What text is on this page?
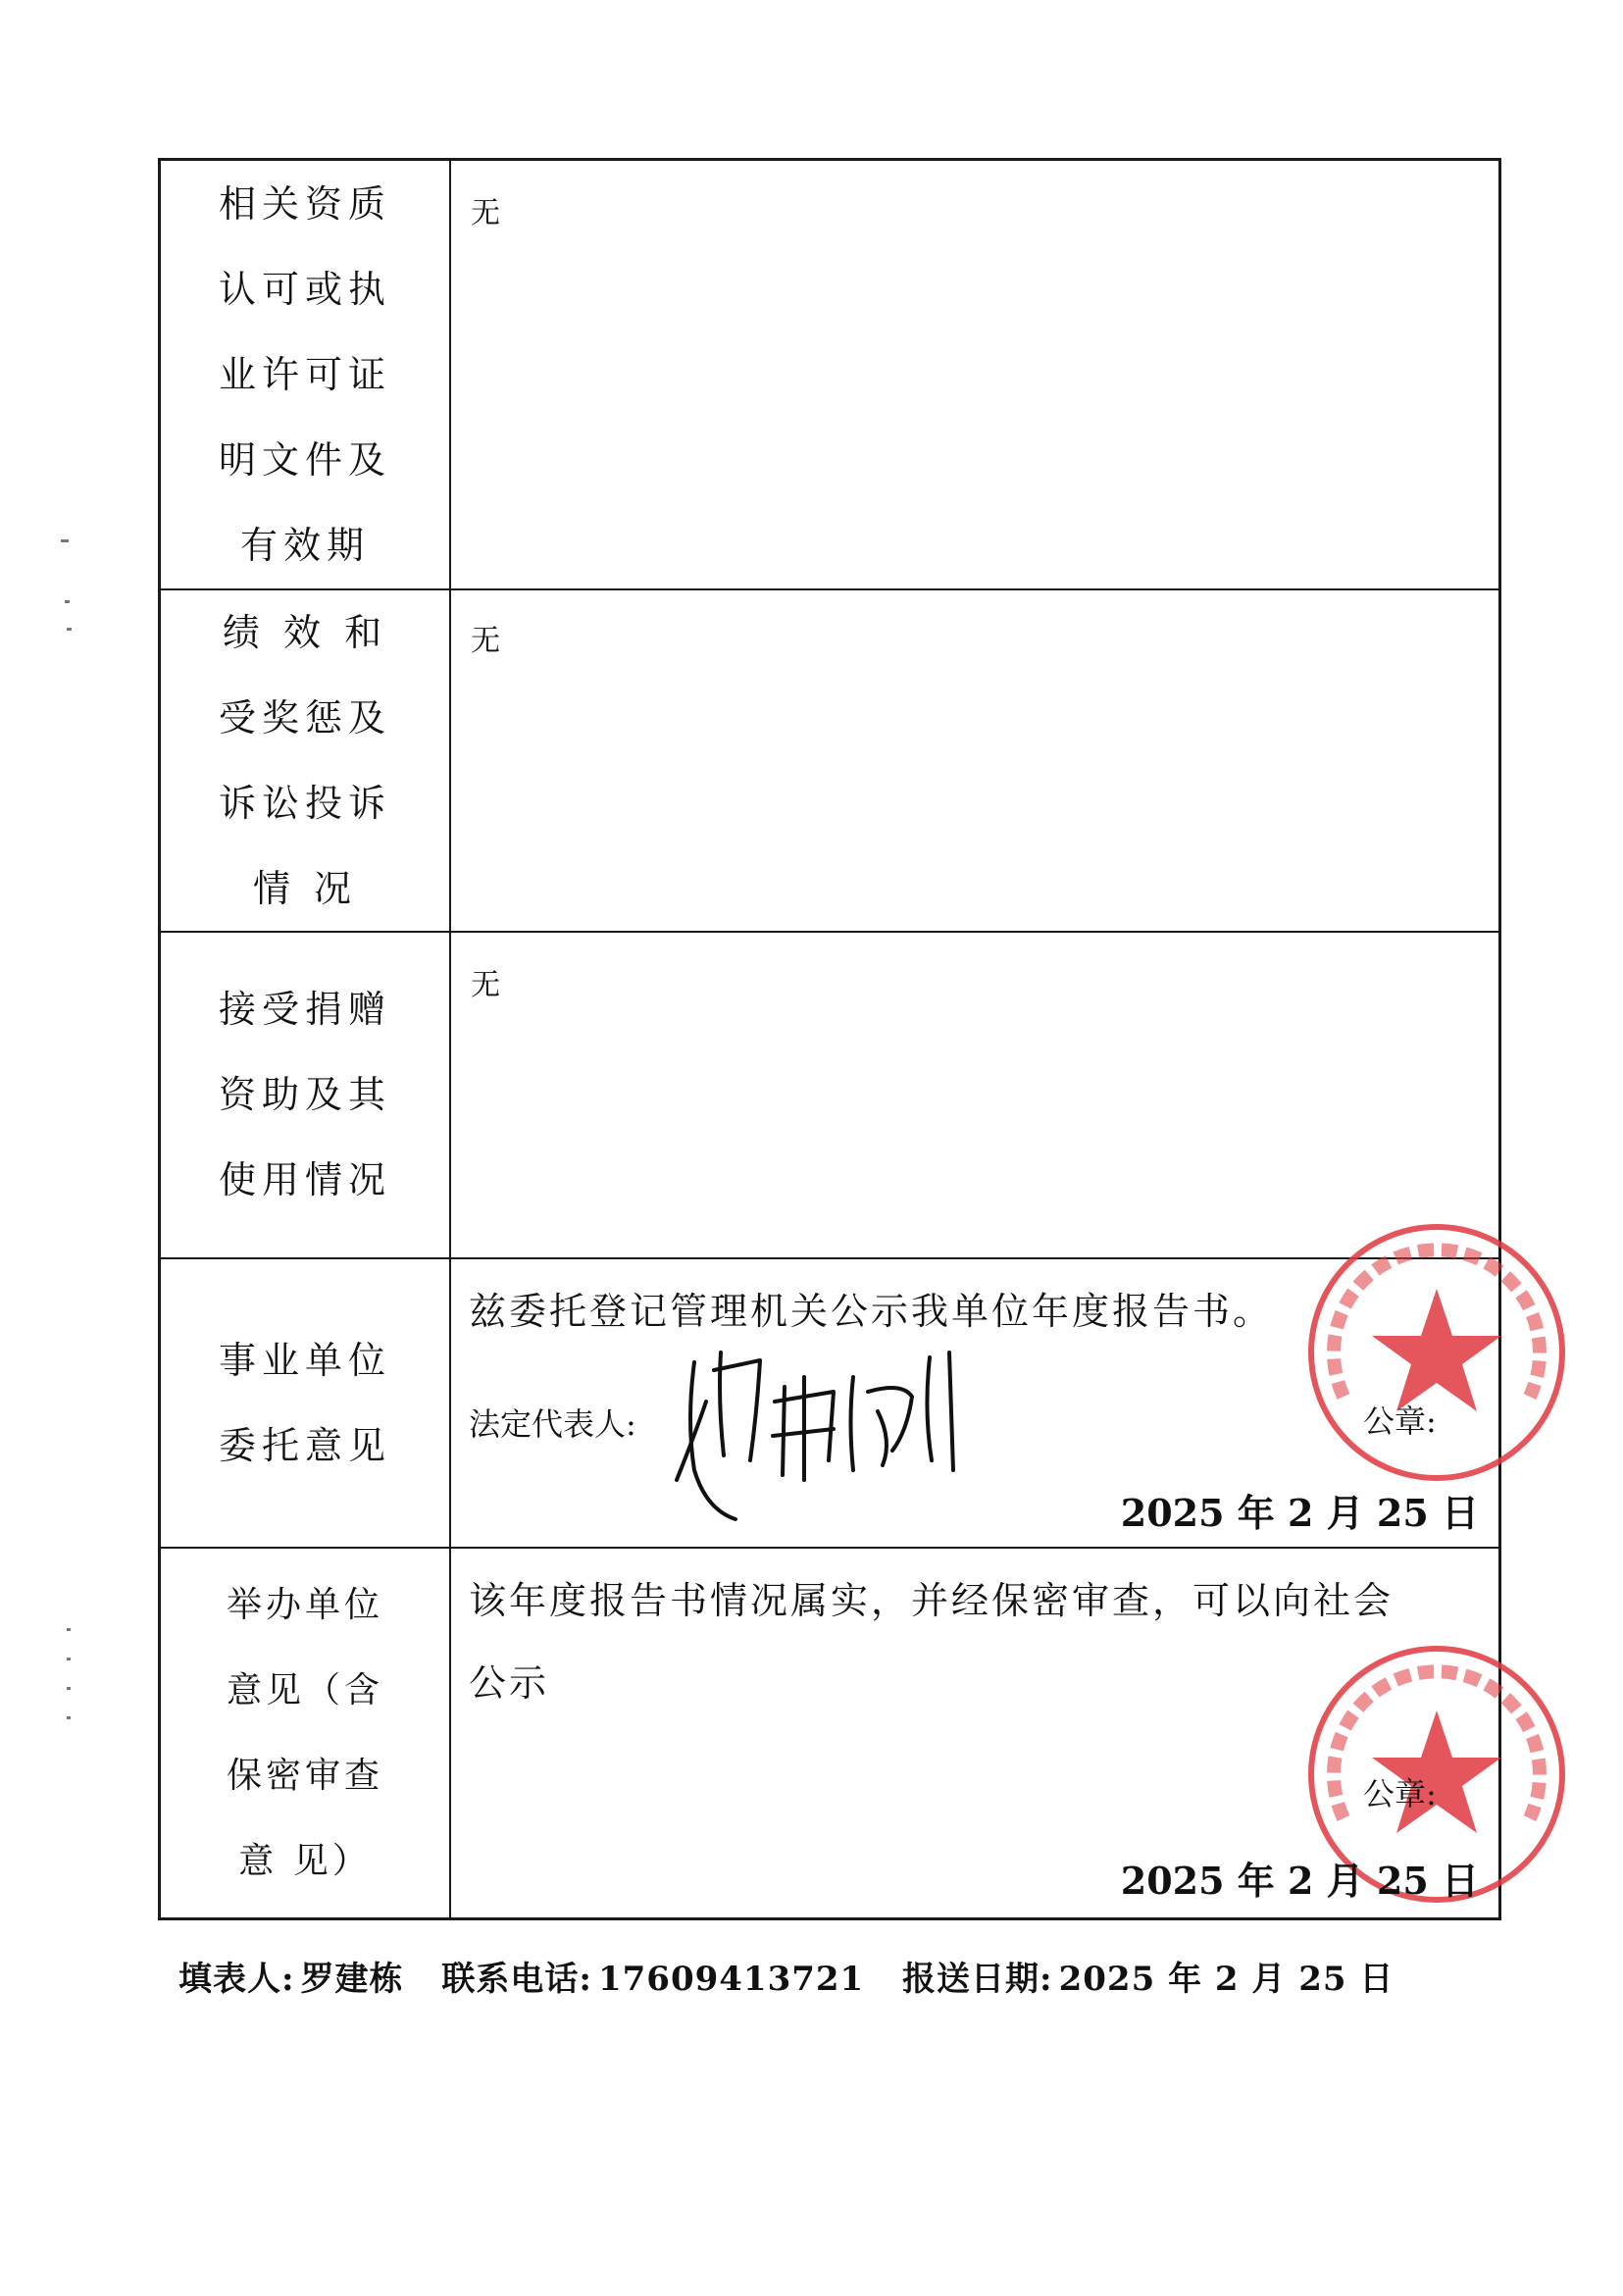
相关资质
认可或执
业许可证
明文件及
有效期
无
绩 效 和
受奖惩及
诉讼投诉
情 况
无
接受捐赠
资助及其
使用情况
无
事业单位
委托意见
兹委托登记管理机关公示我单位年度报告书。
法定代表人:	公章:
2025 年 2 月 25 日
举办单位
意见（含
保密审查
意 见）
该年度报告书情况属实，并经保密审查，可以向社会
公示
公章:
2025 年 2 月 25 日
填表人: 罗建栋 联系电话: 17609413721 报送日期: 2025 年 2 月 25 日
